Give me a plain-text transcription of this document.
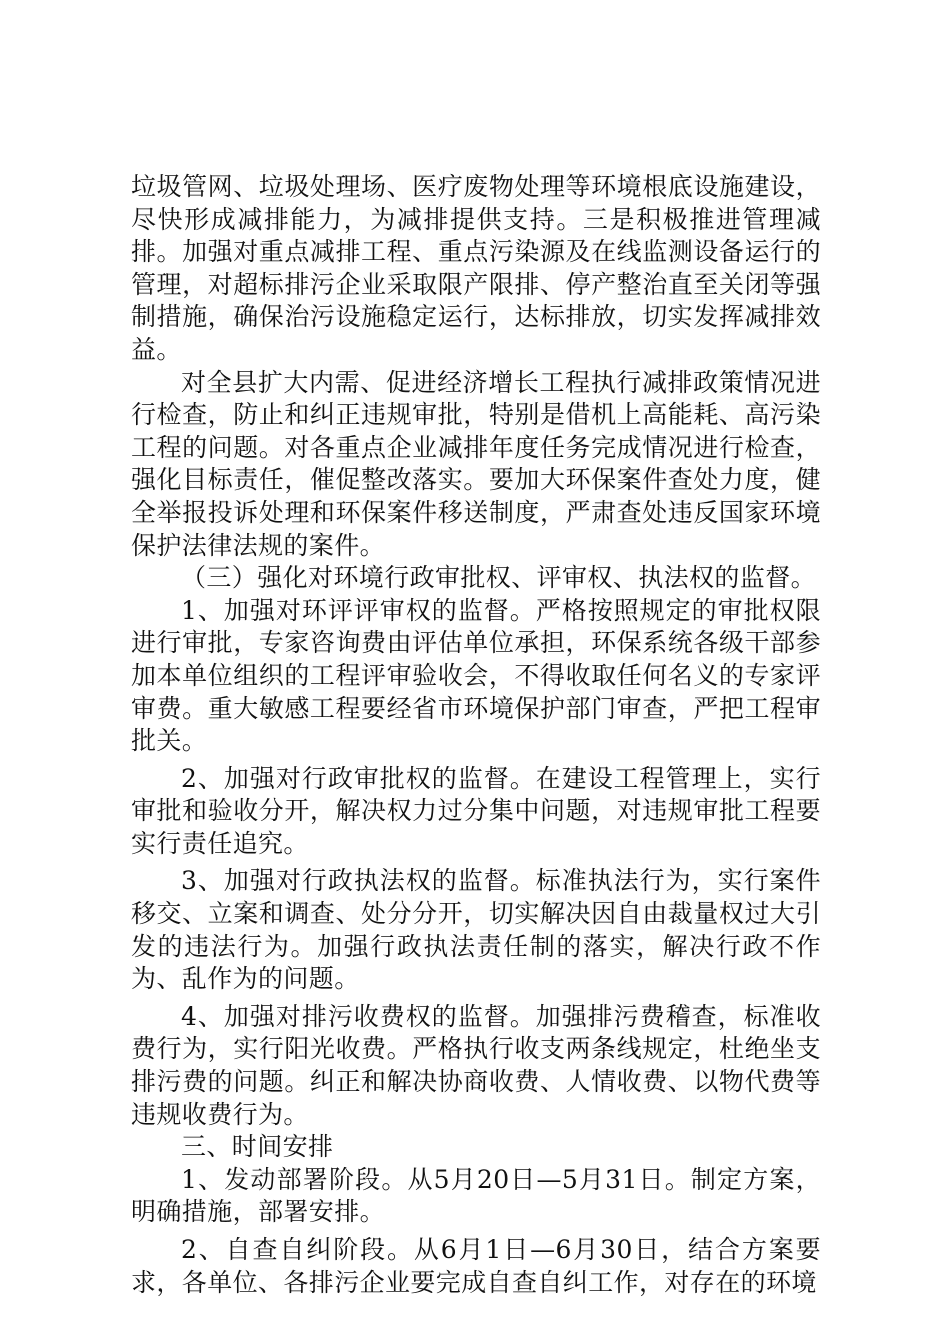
垃圾管网、垃圾处理场、医疗废物处理等环境根底设施建设，尽快形成减排能力，为减排提供支持。三是积极推进管理减排。加强对重点减排工程、重点污染源及在线监测设备运行的管理，对超标排污企业采取限产限排、停产整治直至关闭等强制措施，确保治污设施稳定运行，达标排放，切实发挥减排效益。

对全县扩大内需、促进经济增长工程执行减排政策情况进行检查，防止和纠正违规审批，特别是借机上高能耗、高污染工程的问题。对各重点企业减排年度任务完成情况进行检查，强化目标责任，催促整改落实。要加大环保案件查处力度，健全举报投诉处理和环保案件移送制度，严肃查处违反国家环境保护法律法规的案件。

（三）强化对环境行政审批权、评审权、执法权的监督。

1、加强对环评评审权的监督。严格按照规定的审批权限进行审批，专家咨询费由评估单位承担，环保系统各级干部参加本单位组织的工程评审验收会，不得收取任何名义的专家评审费。重大敏感工程要经省市环境保护部门审查，严把工程审批关。

2、加强对行政审批权的监督。在建设工程管理上，实行审批和验收分开，解决权力过分集中问题，对违规审批工程要实行责任追究。

3、加强对行政执法权的监督。标准执法行为，实行案件移交、立案和调查、处分分开，切实解决因自由裁量权过大引发的违法行为。加强行政执法责任制的落实，解决行政不作为、乱作为的问题。

4、加强对排污收费权的监督。加强排污费稽查，标准收费行为，实行阳光收费。严格执行收支两条线规定，杜绝坐支排污费的问题。纠正和解决协商收费、人情收费、以物代费等违规收费行为。

三、时间安排

1、发动部署阶段。从5月20日—5月31日。制定方案，明确措施，部署安排。

2、自查自纠阶段。从6月1日—6月30日，结合方案要求，各单位、各排污企业要完成自查自纠工作，对存在的环境
